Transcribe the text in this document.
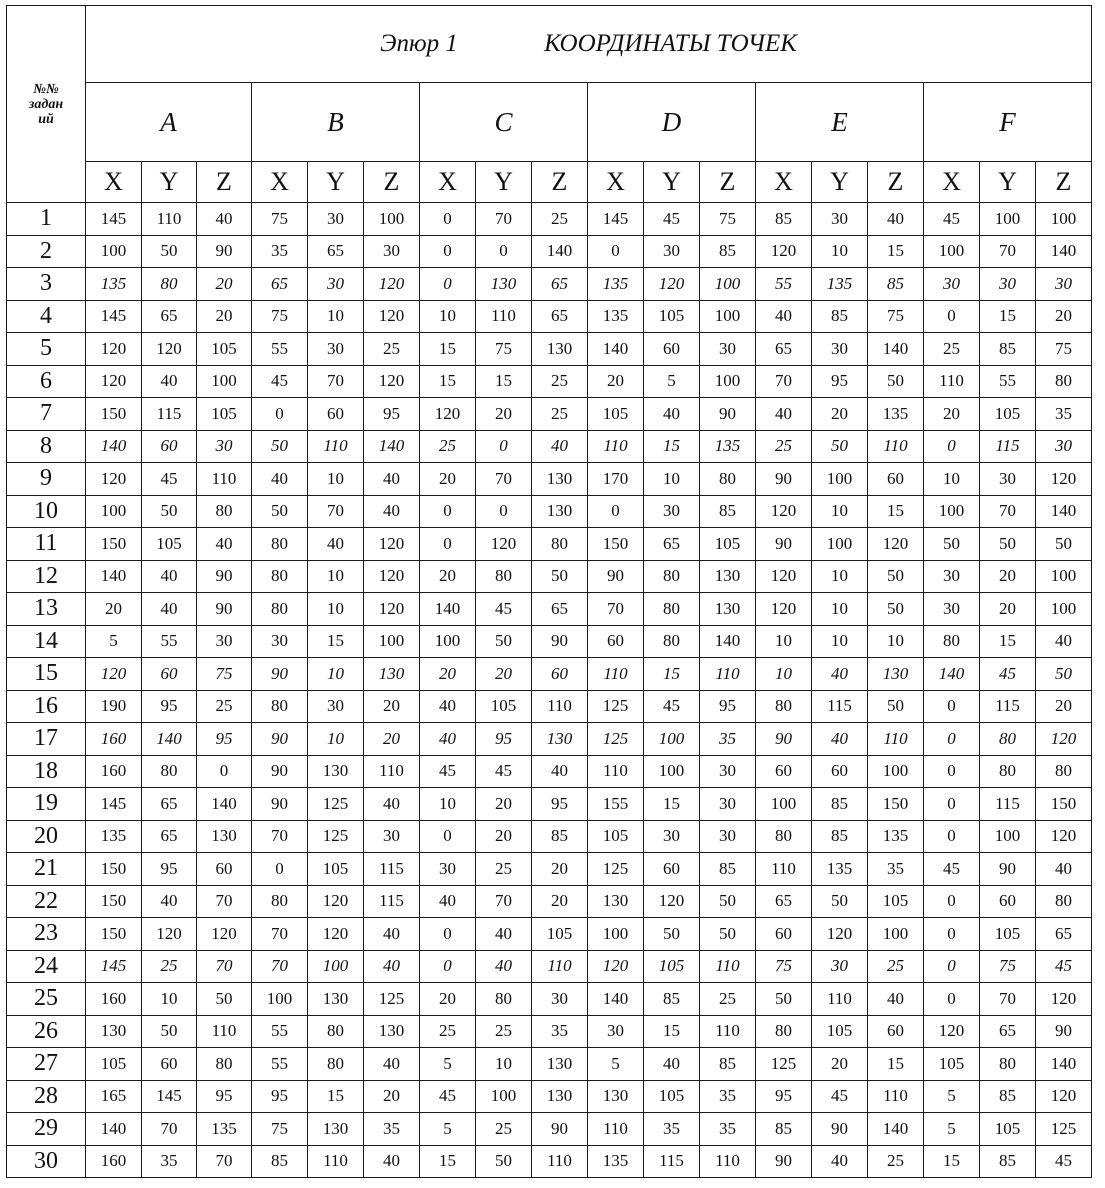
№№
задан
ий	Эпюр 1 КООРДИНАТЫ ТОЧЕК																	
	A			B			C			D			E			F		
	X	Y	Z	X	Y	Z	X	Y	Z	X	Y	Z	X	Y	Z	X	Y	Z
1	145	110	40	75	30	100	0	70	25	145	45	75	85	30	40	45	100	100
2	100	50	90	35	65	30	0	0	140	0	30	85	120	10	15	100	70	140
3	135	80	20	65	30	120	0	130	65	135	120	100	55	135	85	30	30	30
4	145	65	20	75	10	120	10	110	65	135	105	100	40	85	75	0	15	20
5	120	120	105	55	30	25	15	75	130	140	60	30	65	30	140	25	85	75
6	120	40	100	45	70	120	15	15	25	20	5	100	70	95	50	110	55	80
7	150	115	105	0	60	95	120	20	25	105	40	90	40	20	135	20	105	35
8	140	60	30	50	110	140	25	0	40	110	15	135	25	50	110	0	115	30
9	120	45	110	40	10	40	20	70	130	170	10	80	90	100	60	10	30	120
10	100	50	80	50	70	40	0	0	130	0	30	85	120	10	15	100	70	140
11	150	105	40	80	40	120	0	120	80	150	65	105	90	100	120	50	50	50
12	140	40	90	80	10	120	20	80	50	90	80	130	120	10	50	30	20	100
13	20	40	90	80	10	120	140	45	65	70	80	130	120	10	50	30	20	100
14	5	55	30	30	15	100	100	50	90	60	80	140	10	10	10	80	15	40
15	120	60	75	90	10	130	20	20	60	110	15	110	10	40	130	140	45	50
16	190	95	25	80	30	20	40	105	110	125	45	95	80	115	50	0	115	20
17	160	140	95	90	10	20	40	95	130	125	100	35	90	40	110	0	80	120
18	160	80	0	90	130	110	45	45	40	110	100	30	60	60	100	0	80	80
19	145	65	140	90	125	40	10	20	95	155	15	30	100	85	150	0	115	150
20	135	65	130	70	125	30	0	20	85	105	30	30	80	85	135	0	100	120
21	150	95	60	0	105	115	30	25	20	125	60	85	110	135	35	45	90	40
22	150	40	70	80	120	115	40	70	20	130	120	50	65	50	105	0	60	80
23	150	120	120	70	120	40	0	40	105	100	50	50	60	120	100	0	105	65
24	145	25	70	70	100	40	0	40	110	120	105	110	75	30	25	0	75	45
25	160	10	50	100	130	125	20	80	30	140	85	25	50	110	40	0	70	120
26	130	50	110	55	80	130	25	25	35	30	15	110	80	105	60	120	65	90
27	105	60	80	55	80	40	5	10	130	5	40	85	125	20	15	105	80	140
28	165	145	95	95	15	20	45	100	130	130	105	35	95	45	110	5	85	120
29	140	70	135	75	130	35	5	25	90	110	35	35	85	90	140	5	105	125
30	160	35	70	85	110	40	15	50	110	135	115	110	90	40	25	15	85	45
